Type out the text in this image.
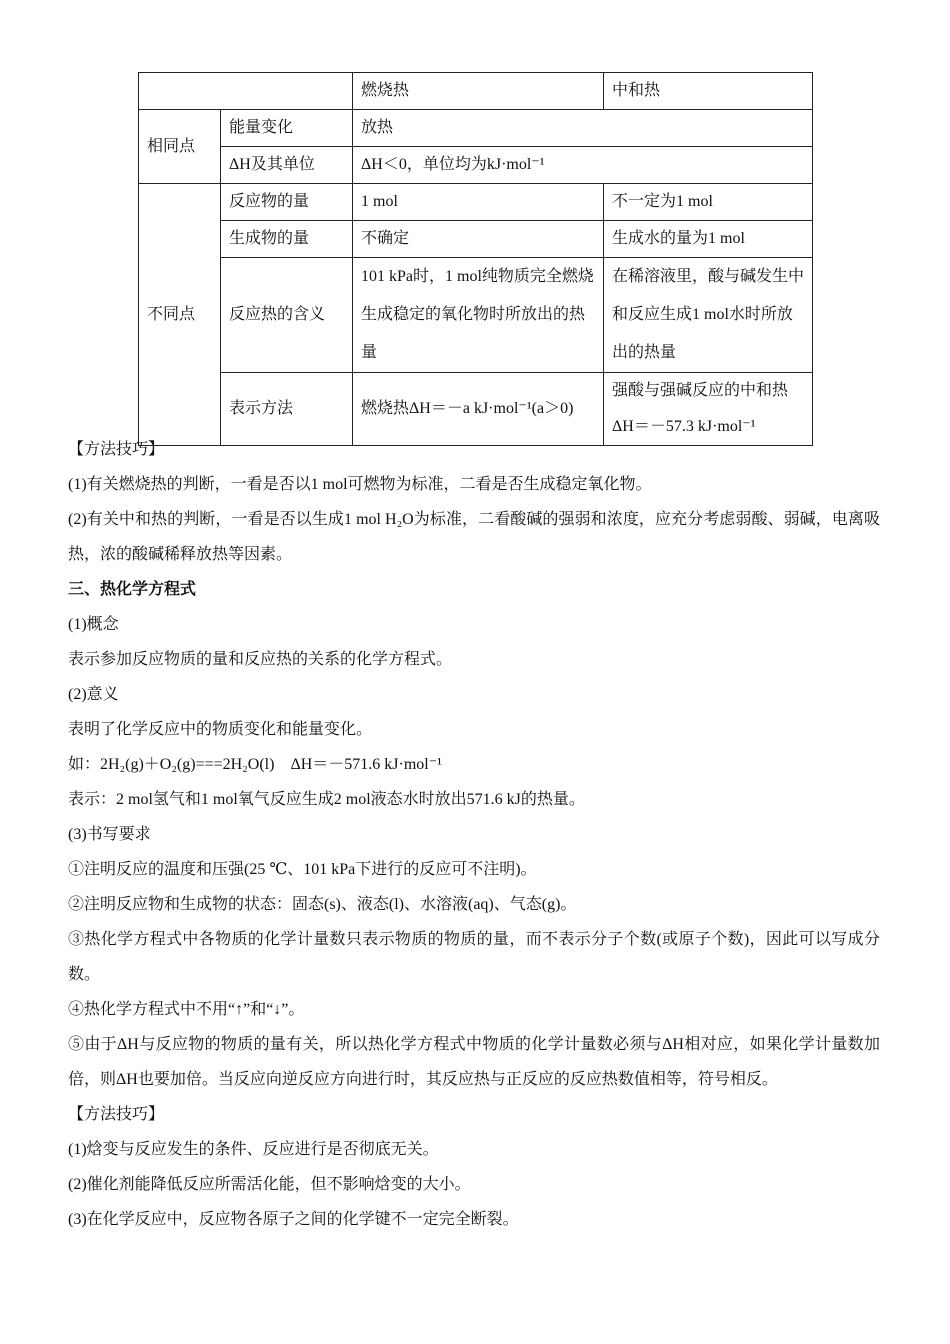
		燃烧热	中和热
相同点	能量变化	放热	
	ΔH及其单位	ΔH＜0，单位均为kJ·mol⁻¹	
不同点	反应物的量	1 mol	不一定为1 mol
	生成物的量	不确定	生成水的量为1 mol
	反应热的含义	101 kPa时，1 mol纯物质完全燃烧生成稳定的氧化物时所放出的热量	在稀溶液里，酸与碱发生中和反应生成1 mol水时所放出的热量
	表示方法	燃烧热ΔH＝－a kJ·mol⁻¹(a＞0)	强酸与强碱反应的中和热ΔH＝－57.3 kJ·mol⁻¹

【方法技巧】

(1)有关燃烧热的判断，一看是否以1 mol可燃物为标准，二看是否生成稳定氧化物。

(2)有关中和热的判断，一看是否以生成1 mol H₂O为标准，二看酸碱的强弱和浓度，应充分考虑弱酸、弱碱，电离吸热，浓的酸碱稀释放热等因素。

三、热化学方程式

(1)概念

表示参加反应物质的量和反应热的关系的化学方程式。

(2)意义

表明了化学反应中的物质变化和能量变化。

如：2H₂(g)＋O₂(g)===2H₂O(l)　ΔH＝－571.6 kJ·mol⁻¹

表示：2 mol氢气和1 mol氧气反应生成2 mol液态水时放出571.6 kJ的热量。

(3)书写要求

①注明反应的温度和压强(25 ℃、101 kPa下进行的反应可不注明)。

②注明反应物和生成物的状态：固态(s)、液态(l)、水溶液(aq)、气态(g)。

③热化学方程式中各物质的化学计量数只表示物质的物质的量，而不表示分子个数(或原子个数)，因此可以写成分数。

④热化学方程式中不用“↑”和“↓”。

⑤由于ΔH与反应物的物质的量有关，所以热化学方程式中物质的化学计量数必须与ΔH相对应，如果化学计量数加倍，则ΔH也要加倍。当反应向逆反应方向进行时，其反应热与正反应的反应热数值相等，符号相反。

【方法技巧】

(1)焓变与反应发生的条件、反应进行是否彻底无关。

(2)催化剂能降低反应所需活化能，但不影响焓变的大小。

(3)在化学反应中，反应物各原子之间的化学键不一定完全断裂。
